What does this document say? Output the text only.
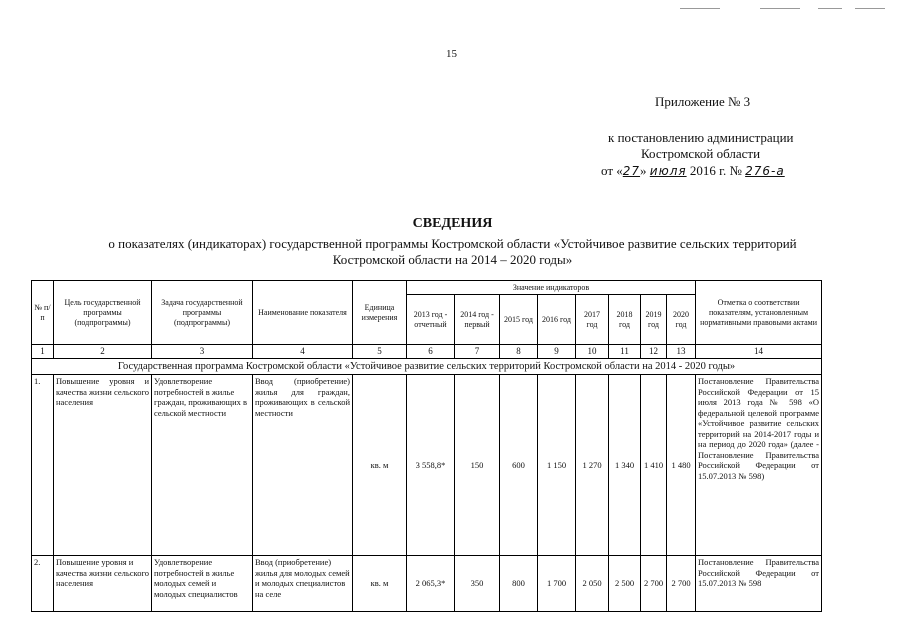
15
Приложение № 3
к постановлению администрации
Костромской области
от «27» июля 2016 г. № 276-а
СВЕДЕНИЯ
о показателях (индикаторах) государственной программы Костромской области «Устойчивое развитие сельских территорий
Костромской области на 2014 – 2020 годы»
№ п/п	Цель государственной программы (подпрограммы)	Задача государственной программы (подпрограммы)	Наименование показателя	Единица измерения	Значение индикаторов								Отметка о соответствии показателям, установленным нормативными правовыми актами
					2013 год - отчетный	2014 год - первый	2015 год	2016 год	2017 год	2018 год	2019 год	2020 год	
1	2	3	4	5	6	7	8	9	10	11	12	13	14
Государственная программа Костромской области «Устойчивое развитие сельских территорий Костромской области на 2014 - 2020 годы»													
1.	Повышение уровня и качества жизни сельского населения	Удовлетворение потребностей в жилье граждан, проживающих в сельской местности	Ввод (приобретение) жилья для граждан, проживающих в сельской местности	кв. м	3 558,8*	150	600	1 150	1 270	1 340	1 410	1 480	Постановление Правительства Российской Федерации от 15 июля 2013 года № 598 «О федеральной целевой программе «Устойчивое развитие сельских территорий на 2014-2017 годы и на период до 2020 года» (далее - Постановление Правительства Российской Федерации от 15.07.2013 № 598)
2.	Повышение уровня и качества жизни сельского населения	Удовлетворение потребностей в жилье молодых семей и молодых специалистов	Ввод (приобретение) жилья для молодых семей и молодых специалистов на селе	кв. м	2 065,3*	350	800	1 700	2 050	2 500	2 700	2 700	Постановление Правительства Российской Федерации от 15.07.2013 № 598
